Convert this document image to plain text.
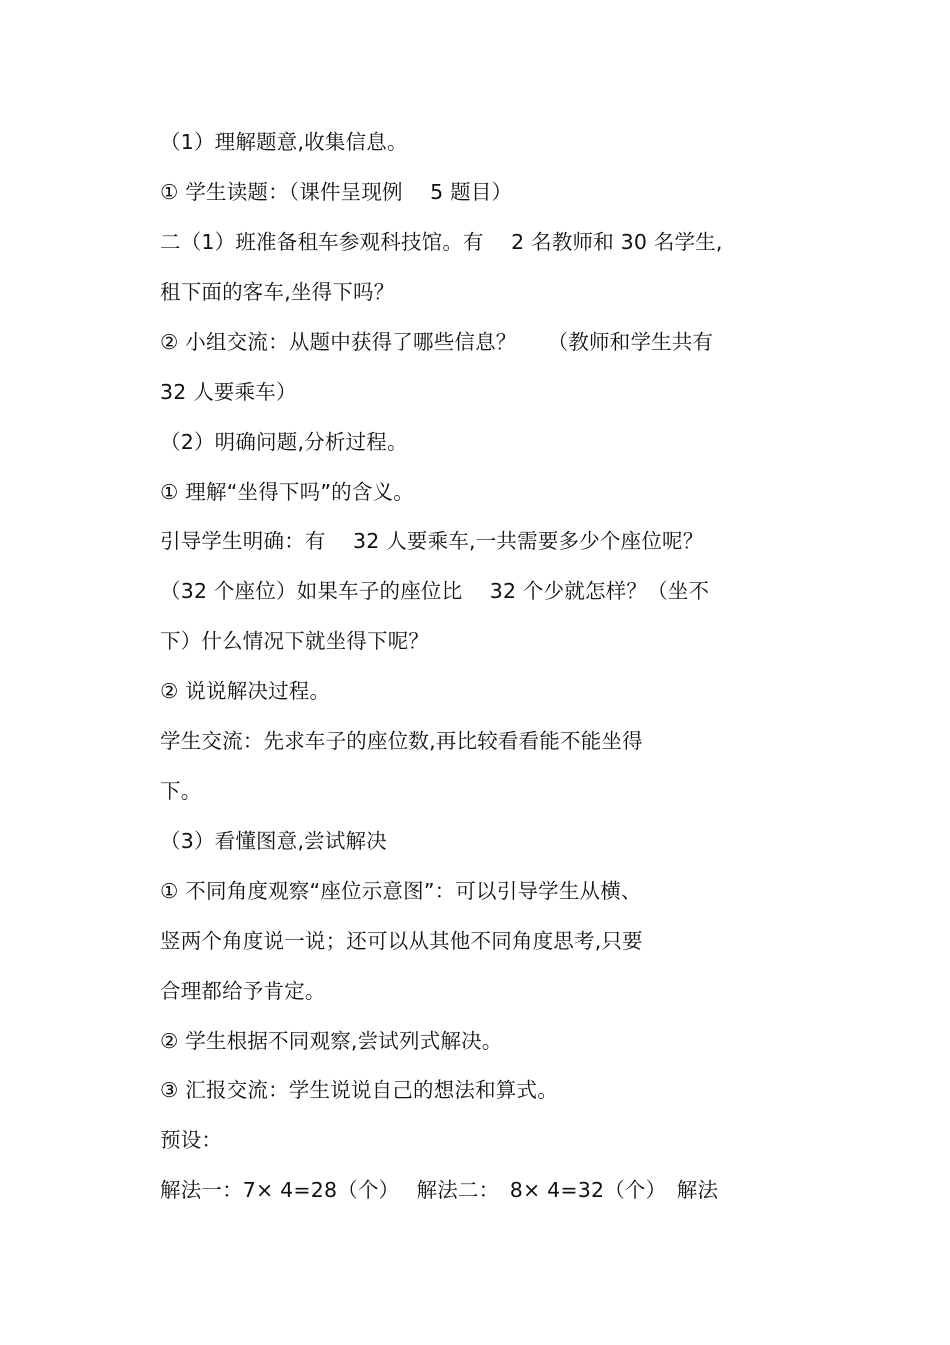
（1）理解题意,收集信息。
① 学生读题：（课件呈现例　 5 题目）
二（1）班准备租车参观科技馆。有　 2 名教师和 30 名学生,
租下面的客车,坐得下吗？
② 小组交流：从题中获得了哪些信息？　　（教师和学生共有
32 人要乘车）
（2）明确问题,分析过程。
① 理解“坐得下吗”的含义。
引导学生明确：有　 32 人要乘车,一共需要多少个座位呢？
（32 个座位）如果车子的座位比　 32 个少就怎样？（坐不
下）什么情况下就坐得下呢？
② 说说解决过程。
学生交流：先求车子的座位数,再比较看看能不能坐得
下。
（3）看懂图意,尝试解决
① 不同角度观察“座位示意图”：可以引导学生从横、
竖两个角度说一说；还可以从其他不同角度思考,只要
合理都给予肯定。
② 学生根据不同观察,尝试列式解决。
③ 汇报交流：学生说说自己的想法和算式。
预设：
解法一：7× 4=28（个）　 解法二：　8× 4=32（个）　解法
